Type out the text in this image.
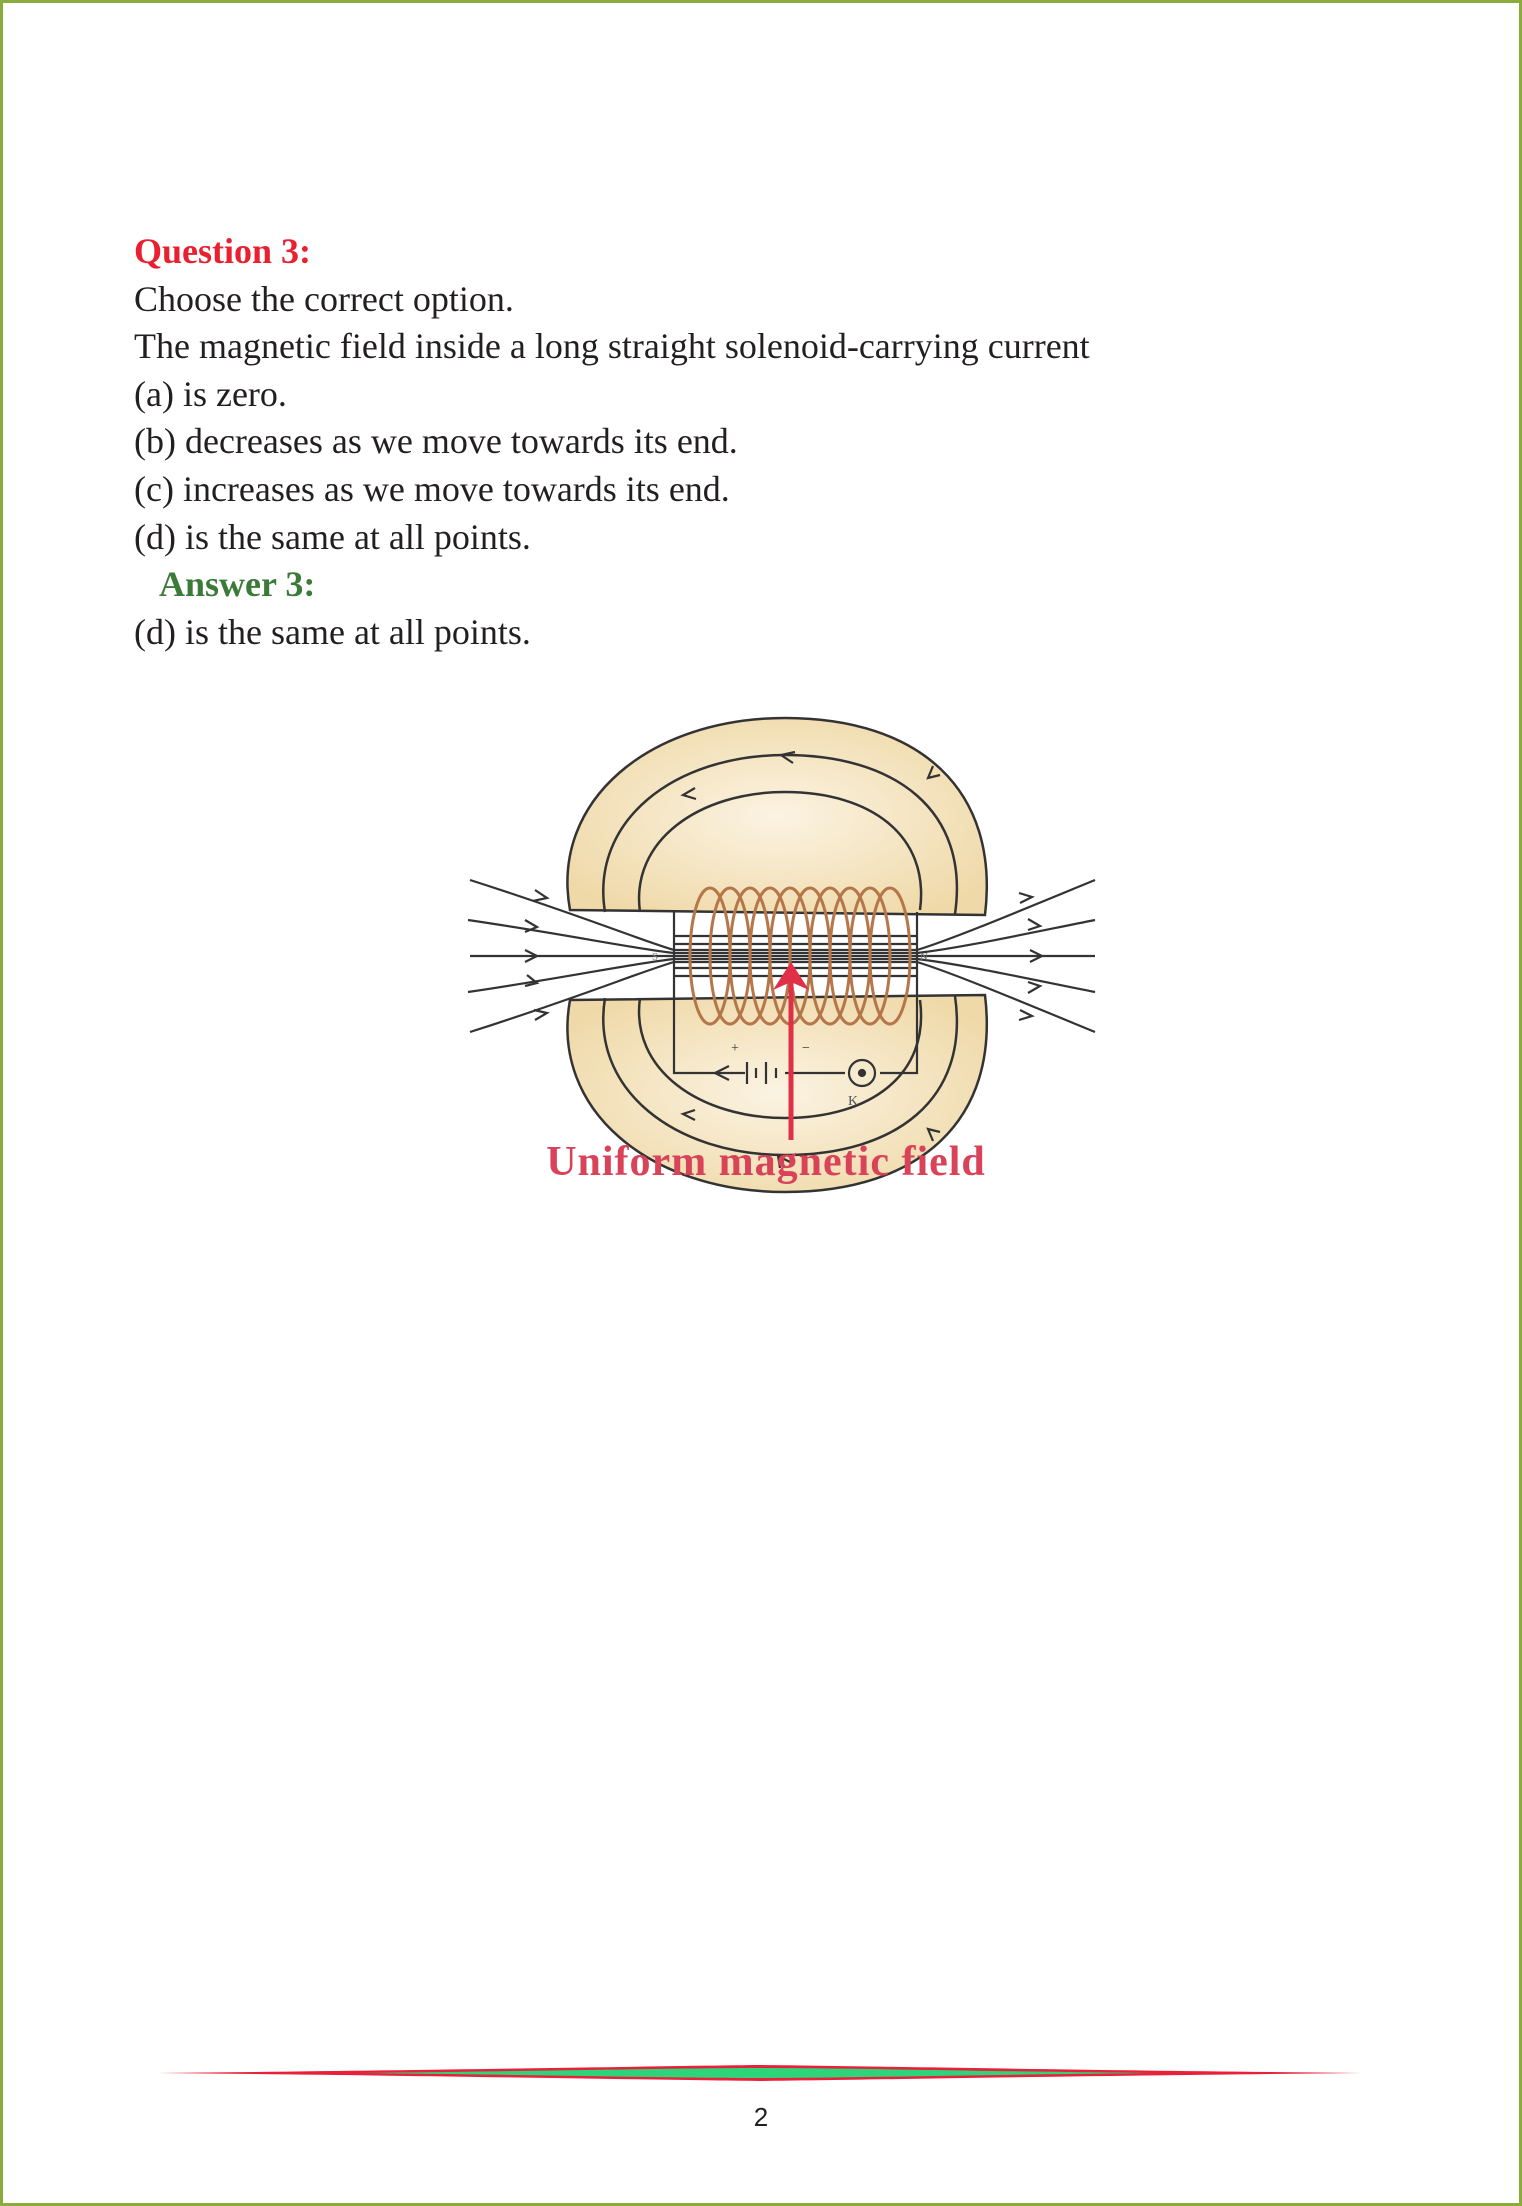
Question 3:
Choose the correct option.
The magnetic field inside a long straight solenoid-carrying current
(a) is zero.
(b) decreases as we move towards its end.
(c) increases as we move towards its end.
(d) is the same at all points.
Answer 3:
(d) is the same at all points.
+	−
K
S	N
Uniform magnetic field
2
